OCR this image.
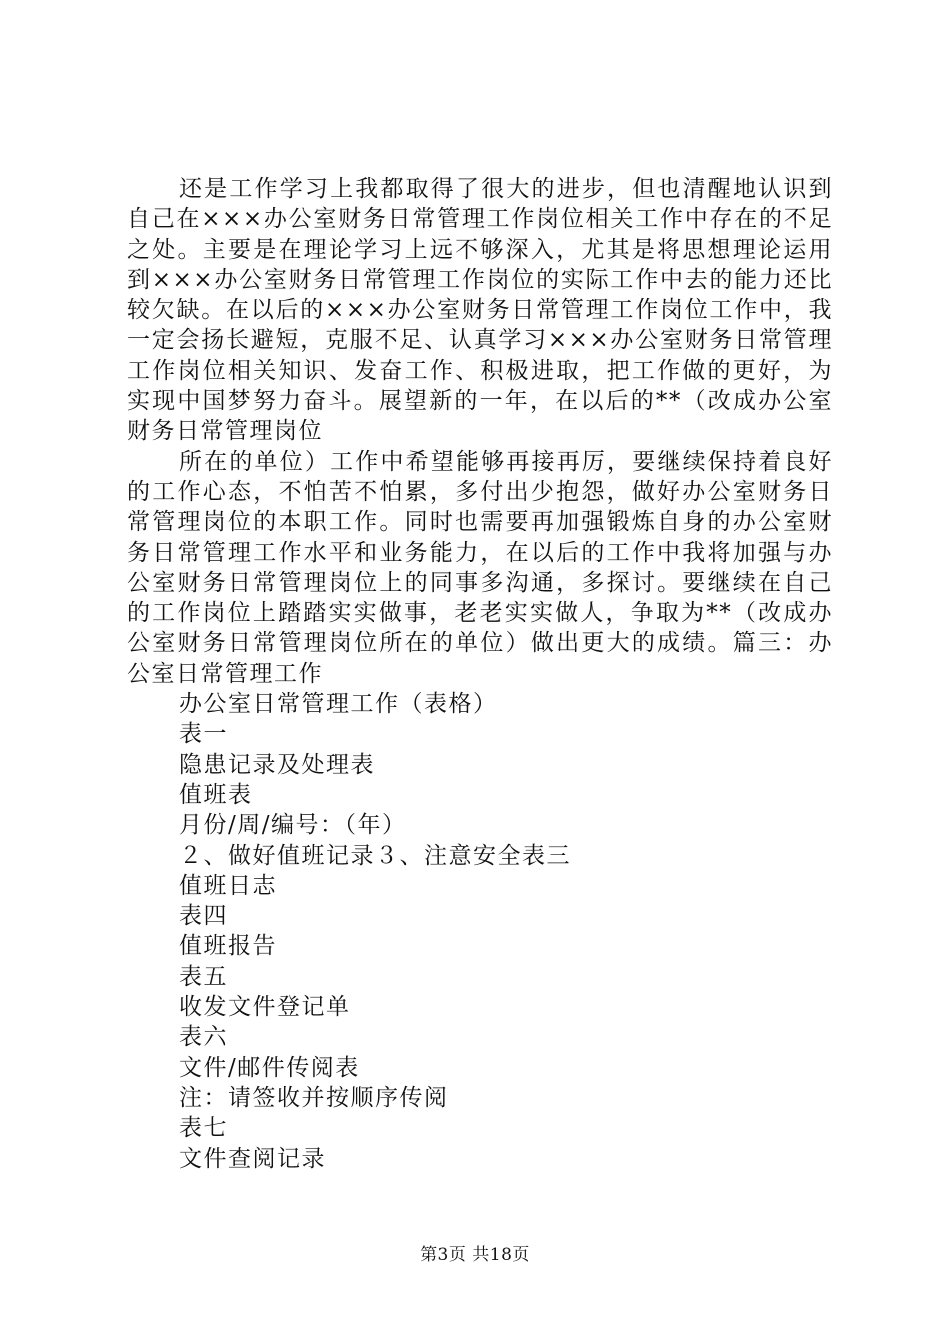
还是工作学习上我都取得了很大的进步，但也清醒地认识到自己在×××办公室财务日常管理工作岗位相关工作中存在的不足之处。主要是在理论学习上远不够深入，尤其是将思想理论运用到×××办公室财务日常管理工作岗位的实际工作中去的能力还比较欠缺。在以后的×××办公室财务日常管理工作岗位工作中，我一定会扬长避短，克服不足、认真学习×××办公室财务日常管理工作岗位相关知识、发奋工作、积极进取，把工作做的更好，为实现中国梦努力奋斗。展望新的一年，在以后的**（改成办公室财务日常管理岗位

所在的单位）工作中希望能够再接再厉，要继续保持着良好的工作心态，不怕苦不怕累，多付出少抱怨，做好办公室财务日常管理岗位的本职工作。同时也需要再加强锻炼自身的办公室财务日常管理工作水平和业务能力，在以后的工作中我将加强与办公室财务日常管理岗位上的同事多沟通，多探讨。要继续在自己的工作岗位上踏踏实实做事，老老实实做人，争取为**（改成办公室财务日常管理岗位所在的单位）做出更大的成绩。篇三：办公室日常管理工作

办公室日常管理工作（表格）

表一

隐患记录及处理表

值班表

月份/周/编号：（年）

２、做好值班记录３、注意安全表三

值班日志

表四

值班报告

表五

收发文件登记单

表六

文件/邮件传阅表

注：请签收并按顺序传阅

表七

文件查阅记录

第3页 共18页
